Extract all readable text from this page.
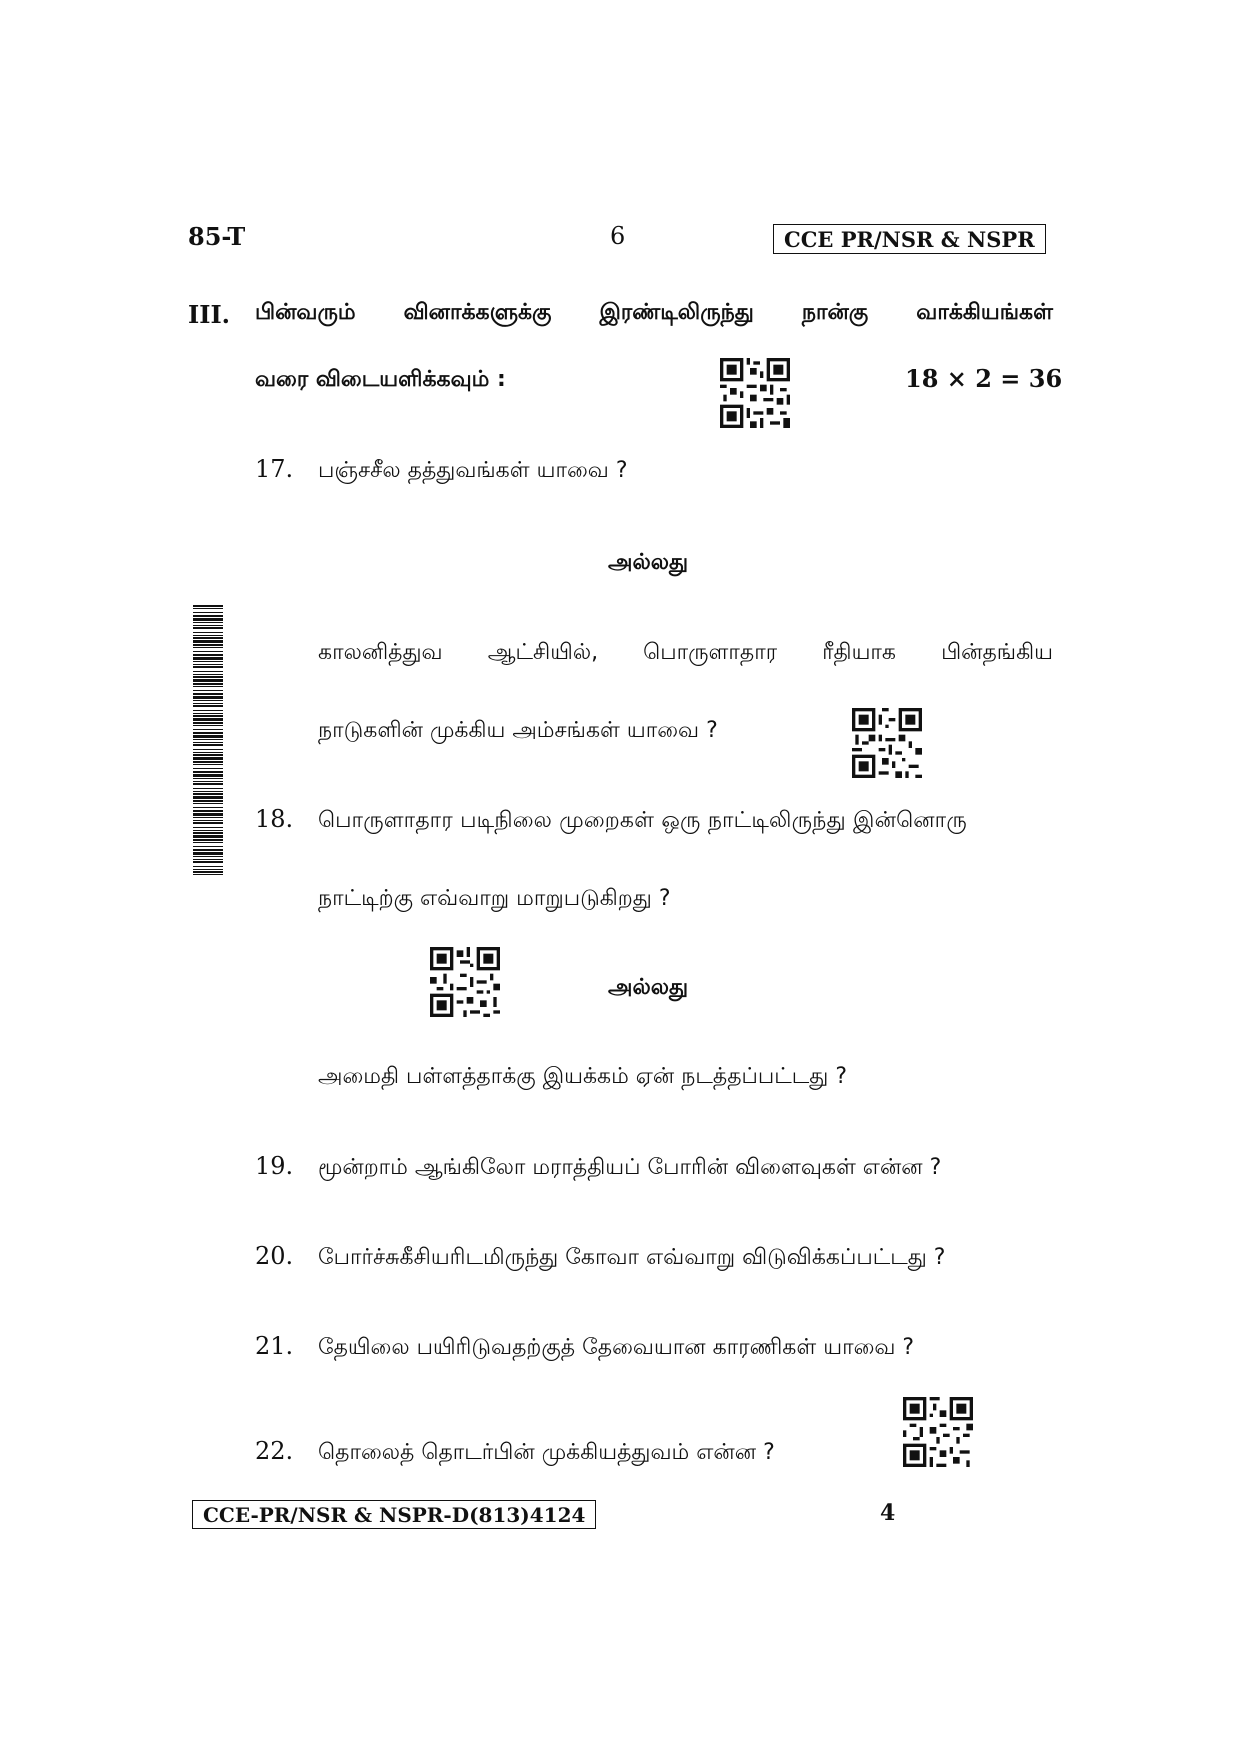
85-T	6	CCE PR/NSR & NSPR
III. பின்வரும் வினாக்களுக்கு இரண்டிலிருந்து நான்கு வாக்கியங்கள்
வரை விடையளிக்கவும் :	18 × 2 = 36
17. பஞ்சசீல தத்துவங்கள் யாவை ?
அல்லது
காலனித்துவ ஆட்சியில், பொருளாதார ரீதியாக பின்தங்கிய
நாடுகளின் முக்கிய அம்சங்கள் யாவை ?
18. பொருளாதார படிநிலை முறைகள் ஒரு நாட்டிலிருந்து இன்னொரு
நாட்டிற்கு எவ்வாறு மாறுபடுகிறது ?
அல்லது
அமைதி பள்ளத்தாக்கு இயக்கம் ஏன் நடத்தப்பட்டது ?
19. மூன்றாம் ஆங்கிலோ மராத்தியப் போரின் விளைவுகள் என்ன ?
20. போர்ச்சுகீசியரிடமிருந்து கோவா எவ்வாறு விடுவிக்கப்பட்டது ?
21. தேயிலை பயிரிடுவதற்குத் தேவையான காரணிகள் யாவை ?
22. தொலைத் தொடர்பின் முக்கியத்துவம் என்ன ?
CCE-PR/NSR & NSPR-D(813)4124	4
